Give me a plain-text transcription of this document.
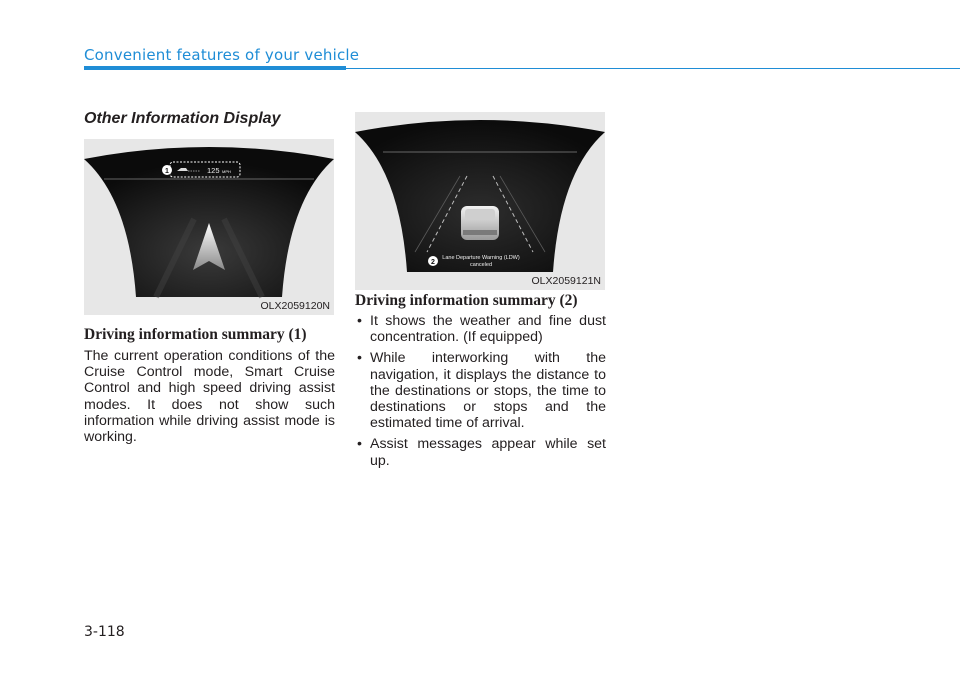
Convenient features of your vehicle
Other Information Display
125 MPH
1
OLX2059120N
Driving information summary (1)
The current operation conditions of the Cruise Control mode, Smart Cruise Control and high speed driving assist modes. It does not show such information while driving assist mode is working.
2
Lane Departure Warning (LDW)
canceled
OLX2059121N
Driving information summary (2)
• It shows the weather and fine dust concentration. (If equipped)
• While interworking with the navigation, it displays the distance to the destinations or stops, the time to destinations or stops and the estimated time of arrival.
• Assist messages appear while set up.
3-118
